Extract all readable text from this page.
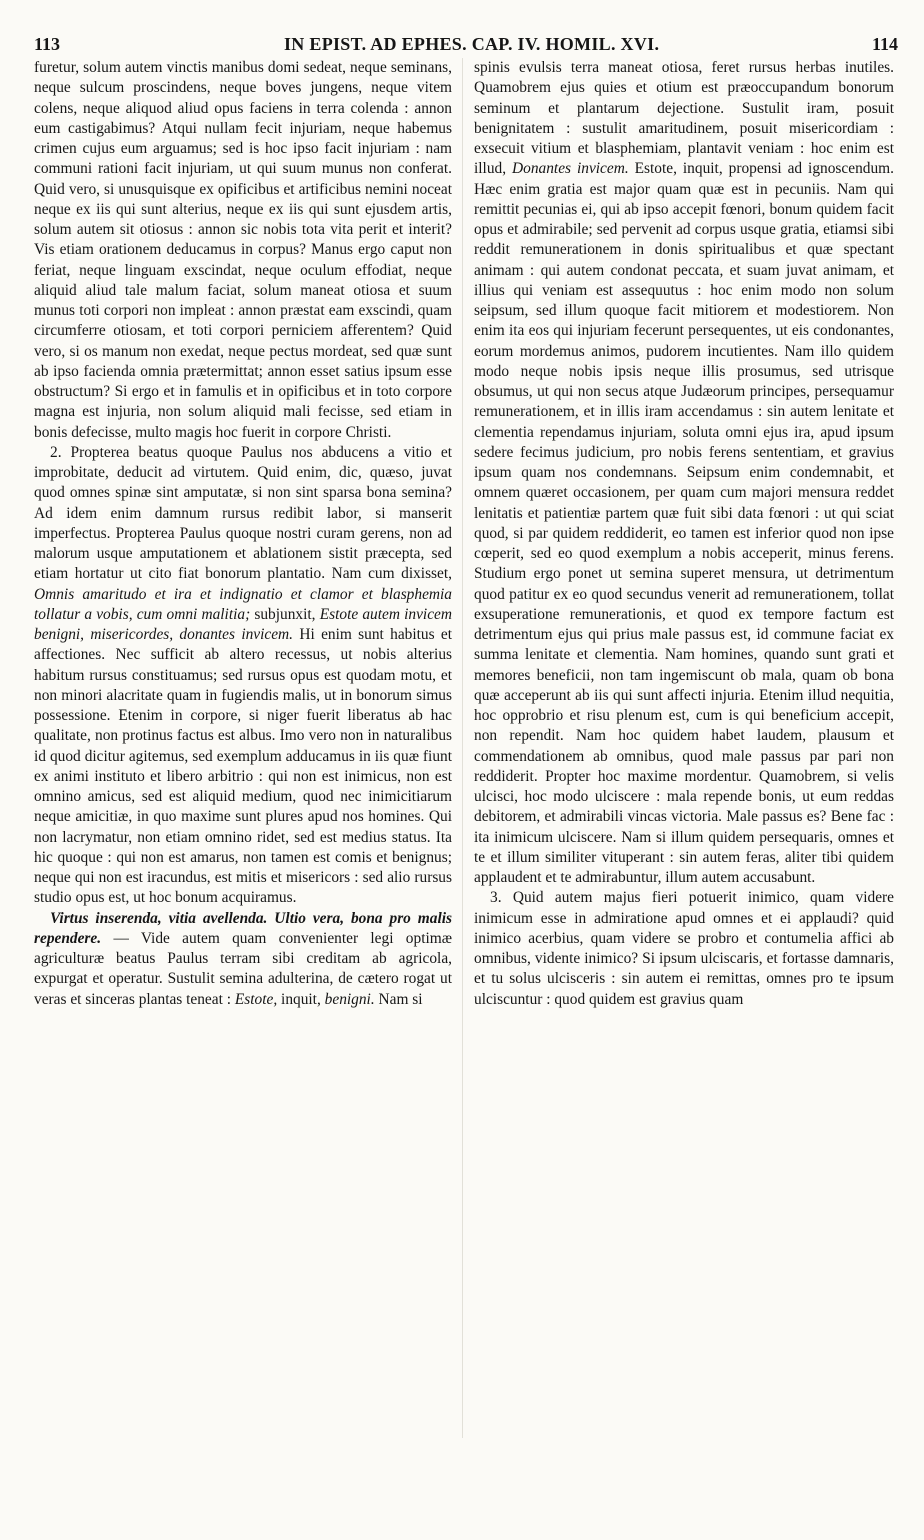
113	IN EPIST. AD EPHES. CAP. IV. HOMIL. XVI.	114

furetur, solum autem vinctis manibus domi sedeat, neque seminans, neque sulcum proscindens, neque boves jungens, neque vitem colens, neque aliquod aliud opus faciens in terra colenda : annon eum castigabimus? Atqui nullam fecit injuriam, neque habemus crimen cujus eum arguamus; sed is hoc ipso facit injuriam : nam communi rationi facit injuriam, ut qui suum munus non conferat. Quid vero, si unusquisque ex opificibus et artificibus nemini noceat neque ex iis qui sunt alterius, neque ex iis qui sunt ejusdem artis, solum autem sit otiosus : annon sic nobis tota vita perit et interit? Vis etiam orationem deducamus in corpus? Manus ergo caput non feriat, neque linguam exscindat, neque oculum effodiat, neque aliquid aliud tale malum faciat, solum maneat otiosa et suum munus toti corpori non impleat : annon præstat eam exscindi, quam circumferre otiosam, et toti corpori perniciem afferentem? Quid vero, si os manum non exedat, neque pectus mordeat, sed quæ sunt ab ipso facienda omnia prætermittat; annon esset satius ipsum esse obstructum? Si ergo et in famulis et in opificibus et in toto corpore magna est injuria, non solum aliquid mali fecisse, sed etiam in bonis defecisse, multo magis hoc fuerit in corpore Christi.

2. Propterea beatus quoque Paulus nos abducens a vitio et improbitate, deducit ad virtutem. Quid enim, dic, quæso, juvat quod omnes spinæ sint amputatæ, si non sint sparsa bona semina? Ad idem enim damnum rursus redibit labor, si manserit imperfectus. Propterea Paulus quoque nostri curam gerens, non ad malorum usque amputationem et ablationem sistit præcepta, sed etiam hortatur ut cito fiat bonorum plantatio. Nam cum dixisset, Omnis amaritudo et ira et indignatio et clamor et blasphemia tollatur a vobis, cum omni malitia; subjunxit, Estote autem invicem benigni, misericordes, donantes invicem. Hi enim sunt habitus et affectiones. Nec sufficit ab altero recessus, ut nobis alterius habitum rursus constituamus; sed rursus opus est quodam motu, et non minori alacritate quam in fugiendis malis, ut in bonorum simus possessione. Etenim in corpore, si niger fuerit liberatus ab hac qualitate, non protinus factus est albus. Imo vero non in naturalibus id quod dicitur agitemus, sed exemplum adducamus in iis quæ fiunt ex animi instituto et libero arbitrio : qui non est inimicus, non est omnino amicus, sed est aliquid medium, quod nec inimicitiarum neque amicitiæ, in quo maxime sunt plures apud nos homines. Qui non lacrymatur, non etiam omnino ridet, sed est medius status. Ita hic quoque : qui non est amarus, non tamen est comis et benignus; neque qui non est iracundus, est mitis et misericors : sed alio rursus studio opus est, ut hoc bonum acquiramus.

Virtus inserenda, vitia avellenda. Ultio vera, bona pro malis rependere. — Vide autem quam convenienter legi optimæ agriculturæ beatus Paulus terram sibi creditam ab agricola, expurgat et operatur. Sustulit semina adulterina, de cætero rogat ut veras et sinceras plantas teneat : Estote, inquit, benigni. Nam si

spinis evulsis terra maneat otiosa, feret rursus herbas inutiles. Quamobrem ejus quies et otium est præoccupandum bonorum seminum et plantarum dejectione. Sustulit iram, posuit benignitatem : sustulit amaritudinem, posuit misericordiam : exsecuit vitium et blasphemiam, plantavit veniam : hoc enim est illud, Donantes invicem. Estote, inquit, propensi ad ignoscendum. Hæc enim gratia est major quam quæ est in pecuniis. Nam qui remittit pecunias ei, qui ab ipso accepit fœnori, bonum quidem facit opus et admirabile; sed pervenit ad corpus usque gratia, etiamsi sibi reddit remunerationem in donis spiritualibus et quæ spectant animam : qui autem condonat peccata, et suam juvat animam, et illius qui veniam est assequutus : hoc enim modo non solum seipsum, sed illum quoque facit mitiorem et modestiorem. Non enim ita eos qui injuriam fecerunt persequentes, ut eis condonantes, eorum mordemus animos, pudorem incutientes. Nam illo quidem modo neque nobis ipsis neque illis prosumus, sed utrisque obsumus, ut qui non secus atque Judæorum principes, persequamur remunerationem, et in illis iram accendamus : sin autem lenitate et clementia rependamus injuriam, soluta omni ejus ira, apud ipsum sedere fecimus judicium, pro nobis ferens sententiam, et gravius ipsum quam nos condemnans. Seipsum enim condemnabit, et omnem quæret occasionem, per quam cum majori mensura reddet lenitatis et patientiæ partem quæ fuit sibi data fœnori : ut qui sciat quod, si par quidem reddiderit, eo tamen est inferior quod non ipse cœperit, sed eo quod exemplum a nobis acceperit, minus ferens. Studium ergo ponet ut semina superet mensura, ut detrimentum quod patitur ex eo quod secundus venerit ad remunerationem, tollat exsuperatione remunerationis, et quod ex tempore factum est detrimentum ejus qui prius male passus est, id commune faciat ex summa lenitate et clementia. Nam homines, quando sunt grati et memores beneficii, non tam ingemiscunt ob mala, quam ob bona quæ acceperunt ab iis qui sunt affecti injuria. Etenim illud nequitia, hoc opprobrio et risu plenum est, cum is qui beneficium accepit, non rependit. Nam hoc quidem habet laudem, plausum et commendationem ab omnibus, quod male passus par pari non reddiderit. Propter hoc maxime mordentur. Quamobrem, si velis ulcisci, hoc modo ulciscere : mala repende bonis, ut eum reddas debitorem, et admirabili vincas victoria. Male passus es? Bene fac : ita inimicum ulciscere. Nam si illum quidem persequaris, omnes et te et illum similiter vituperant : sin autem feras, aliter tibi quidem applaudent et te admirabuntur, illum autem accusabunt.

3. Quid autem majus fieri potuerit inimico, quam videre inimicum esse in admiratione apud omnes et ei applaudi? quid inimico acerbius, quam videre se probro et contumelia affici ab omnibus, vidente inimico? Si ipsum ulciscaris, et fortasse damnaris, et tu solus ulcisceris : sin autem ei remittas, omnes pro te ipsum ulciscuntur : quod quidem est gravius quam
